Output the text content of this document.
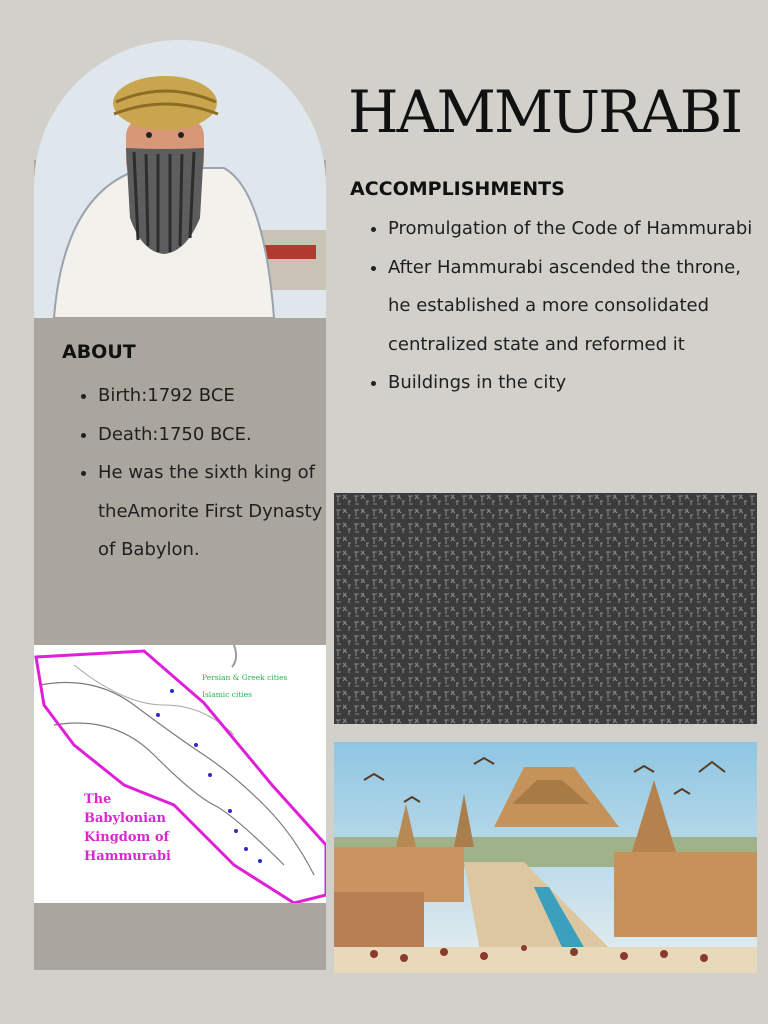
HAMMURABI
ACCOMPLISHMENTS
• Promulgation of the Code of Hammurabi
• After Hammurabi ascended the throne, he established a more consolidated centralized state and reformed it
• Buildings in the city
ABOUT
• Birth:1792 BCE
• Death:1750 BCE.
• He was the sixth king of theAmorite First Dynasty of Babylon.
Persian & Greek cities
Islamic cities
The
Babylonian
Kingdom of
Hammurabi
